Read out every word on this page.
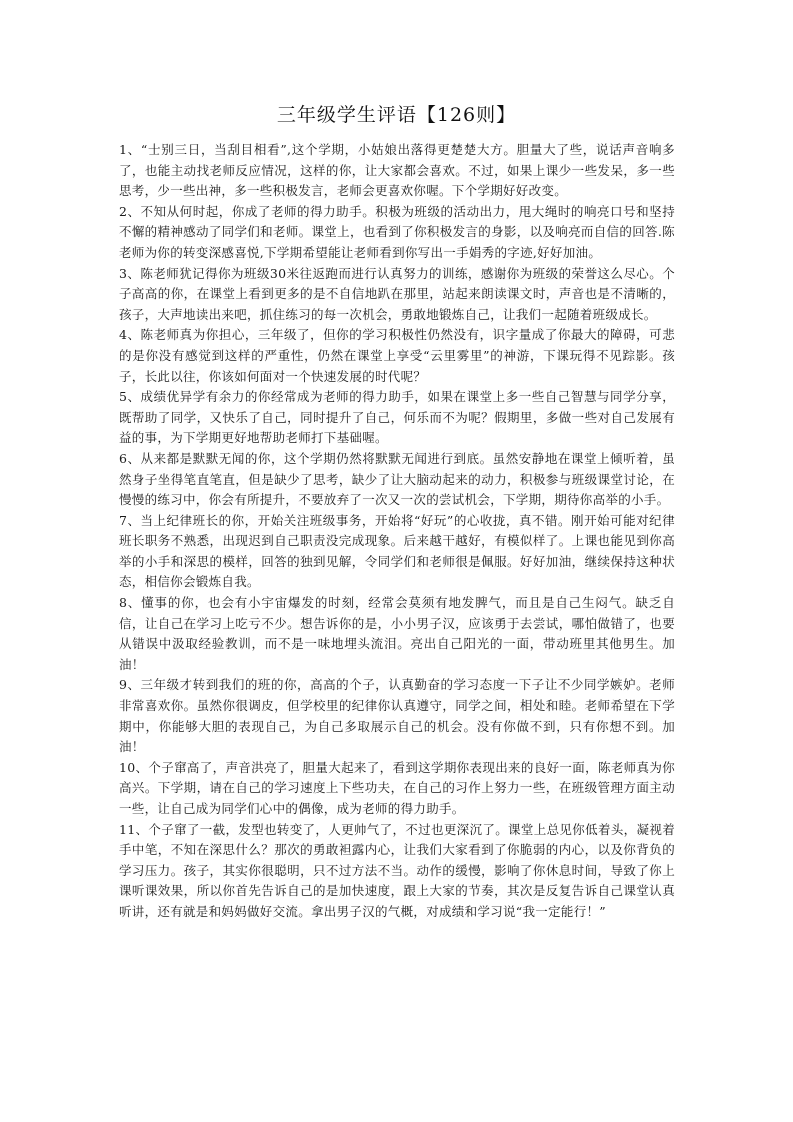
三年级学生评语【126则】

1、“士别三日，当刮目相看”,这个学期，小姑娘出落得更楚楚大方。胆量大了些，说话声音响多了，也能主动找老师反应情况，这样的你，让大家都会喜欢。不过，如果上课少一些发呆，多一些思考，少一些出神，多一些积极发言，老师会更喜欢你喔。下个学期好好改变。

2、不知从何时起，你成了老师的得力助手。积极为班级的活动出力，甩大绳时的响亮口号和坚持不懈的精神感动了同学们和老师。课堂上，也看到了你积极发言的身影，以及响亮而自信的回答.陈老师为你的转变深感喜悦,下学期希望能让老师看到你写出一手娟秀的字迹,好好加油。

3、陈老师犹记得你为班级30米往返跑而进行认真努力的训练，感谢你为班级的荣誉这么尽心。个子高高的你，在课堂上看到更多的是不自信地趴在那里，站起来朗读课文时，声音也是不清晰的，孩子，大声地读出来吧，抓住练习的每一次机会，勇敢地锻炼自己，让我们一起随着班级成长。

4、陈老师真为你担心，三年级了，但你的学习积极性仍然没有，识字量成了你最大的障碍，可悲的是你没有感觉到这样的严重性，仍然在课堂上享受“云里雾里”的神游，下课玩得不见踪影。孩子，长此以往，你该如何面对一个快速发展的时代呢？

5、成绩优异学有余力的你经常成为老师的得力助手，如果在课堂上多一些自己智慧与同学分享，既帮助了同学，又快乐了自己，同时提升了自己，何乐而不为呢？假期里，多做一些对自己发展有益的事，为下学期更好地帮助老师打下基础喔。

6、从来都是默默无闻的你，这个学期仍然将默默无闻进行到底。虽然安静地在课堂上倾听着，虽然身子坐得笔直笔直，但是缺少了思考，缺少了让大脑动起来的动力，积极参与班级课堂讨论，在慢慢的练习中，你会有所提升，不要放弃了一次又一次的尝试机会，下学期，期待你高举的小手。

7、当上纪律班长的你，开始关注班级事务，开始将“好玩”的心收拢，真不错。刚开始可能对纪律班长职务不熟悉，出现迟到自己职责没完成现象。后来越干越好，有模似样了。上课也能见到你高举的小手和深思的模样，回答的独到见解，令同学们和老师很是佩服。好好加油，继续保持这种状态，相信你会锻炼自我。

8、懂事的你，也会有小宇宙爆发的时刻，经常会莫须有地发脾气，而且是自己生闷气。缺乏自信，让自己在学习上吃亏不少。想告诉你的是，小小男子汉，应该勇于去尝试，哪怕做错了，也要从错误中汲取经验教训，而不是一味地埋头流泪。亮出自己阳光的一面，带动班里其他男生。加油！

9、三年级才转到我们的班的你，高高的个子，认真勤奋的学习态度一下子让不少同学嫉妒。老师非常喜欢你。虽然你很调皮，但学校里的纪律你认真遵守，同学之间，相处和睦。老师希望在下学期中，你能够大胆的表现自己，为自己多取展示自己的机会。没有你做不到，只有你想不到。加油！

10、个子窜高了，声音洪亮了，胆量大起来了，看到这学期你表现出来的良好一面，陈老师真为你高兴。下学期，请在自己的学习速度上下些功夫，在自己的习作上努力一些，在班级管理方面主动一些，让自己成为同学们心中的偶像，成为老师的得力助手。

11、个子窜了一截，发型也转变了，人更帅气了，不过也更深沉了。课堂上总见你低着头，凝视着手中笔，不知在深思什么？那次的勇敢袒露内心，让我们大家看到了你脆弱的内心，以及你背负的学习压力。孩子，其实你很聪明，只不过方法不当。动作的缓慢，影响了你休息时间，导致了你上课听课效果，所以你首先告诉自己的是加快速度，跟上大家的节奏，其次是反复告诉自己课堂认真听讲，还有就是和妈妈做好交流。拿出男子汉的气概，对成绩和学习说“我一定能行！”
